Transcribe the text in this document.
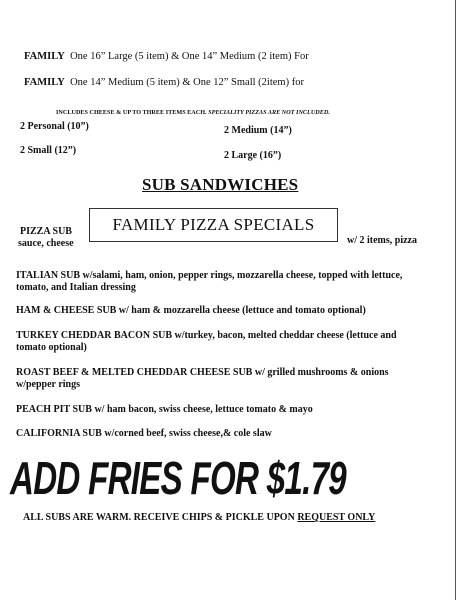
FAMILY One 16” Large (5 item) & One 14” Medium (2 item) For
FAMILY One 14” Medium (5 item) & One 12” Small (2item) for
INCLUDES CHEESE & UP TO THREE ITEMS EACH. SPECIALITY PIZZAS ARE NOT INCLUDED.
2 Personal (10”)	2 Medium (14”)
2 Small (12”)	2 Large (16”)
SUB SANDWICHES
PIZZA SUB
sauce, cheese	w/ 2 items, pizza
FAMILY PIZZA SPECIALS
ITALIAN SUB w/salami, ham, onion, pepper rings, mozzarella cheese, topped with lettuce, tomato, and Italian dressing
HAM & CHEESE SUB w/ ham & mozzarella cheese (lettuce and tomato optional)
TURKEY CHEDDAR BACON SUB w/turkey, bacon, melted cheddar cheese (lettuce and tomato optional)
ROAST BEEF & MELTED CHEDDAR CHEESE SUB w/ grilled mushrooms & onions w/pepper rings
PEACH PIT SUB w/ ham bacon, swiss cheese, lettuce tomato & mayo
CALIFORNIA SUB w/corned beef, swiss cheese,& cole slaw
ADD FRIES FOR $1.79
ALL SUBS ARE WARM. RECEIVE CHIPS & PICKLE UPON REQUEST ONLY
